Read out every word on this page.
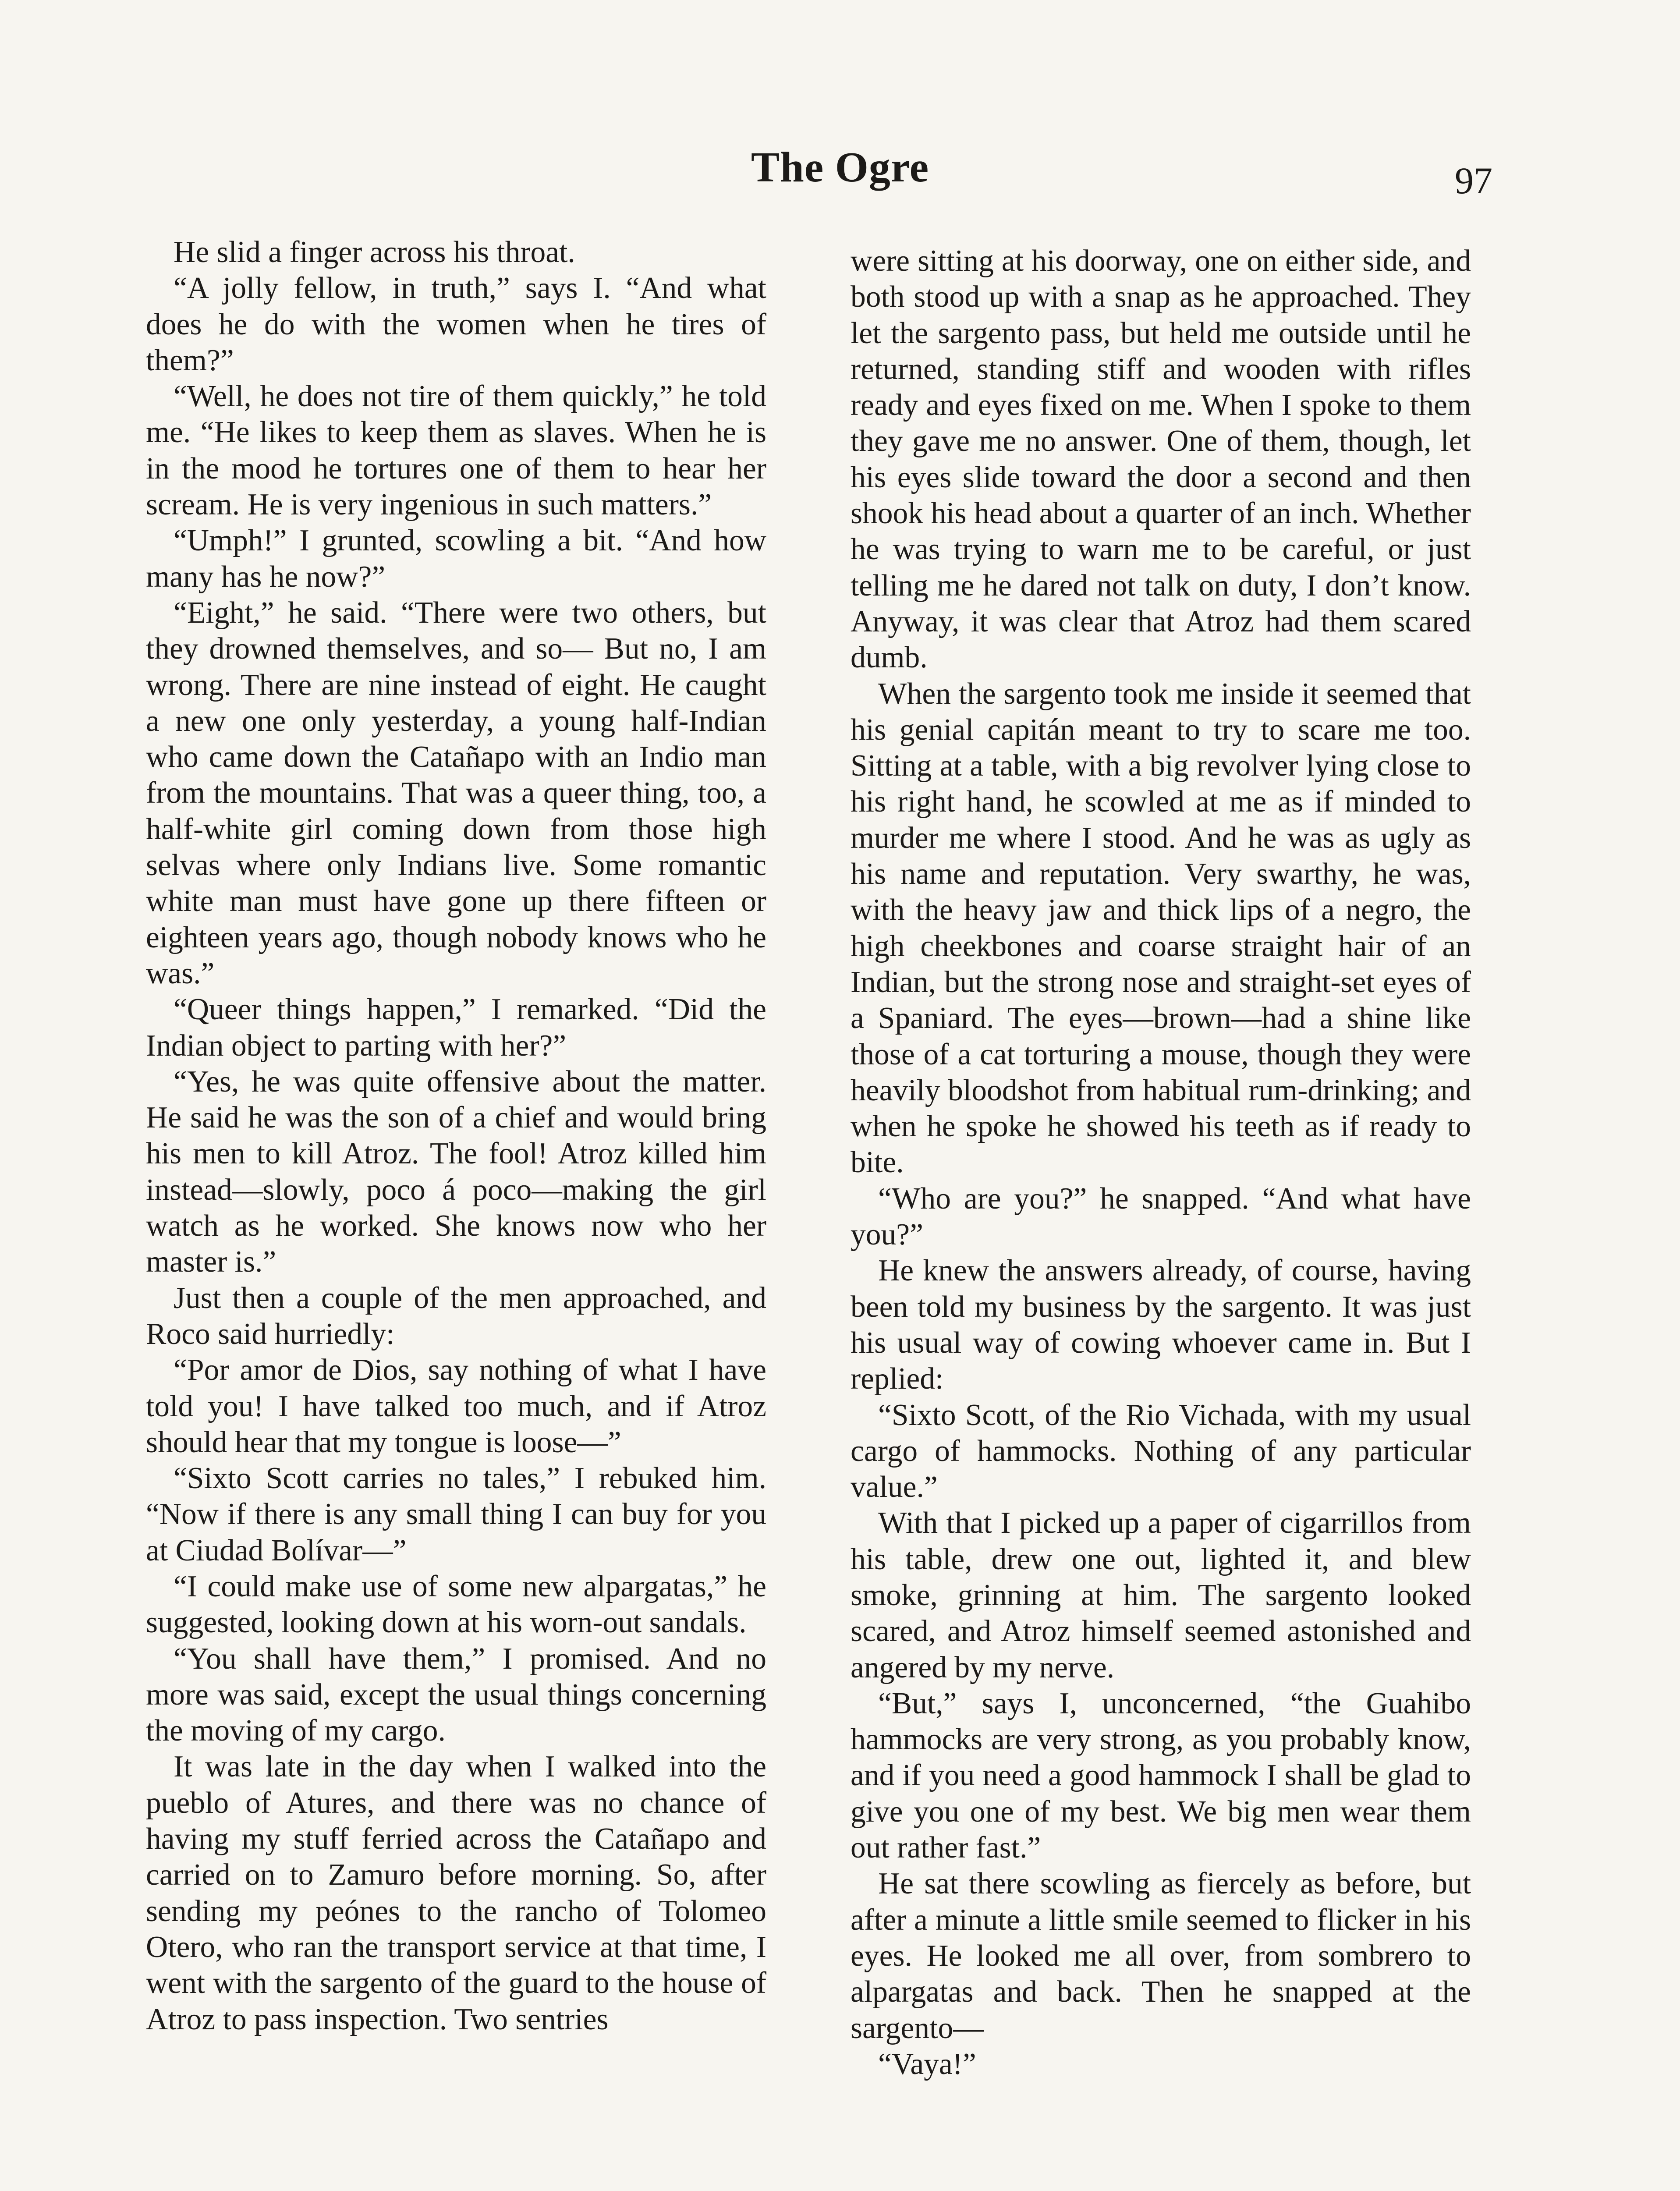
The Ogre	97

He slid a finger across his throat.

“A jolly fellow, in truth,” says I. “And what does he do with the women when he tires of them?”

“Well, he does not tire of them quickly,” he told me. “He likes to keep them as slaves. When he is in the mood he tortures one of them to hear her scream. He is very ingenious in such matters.”

“Umph!” I grunted, scowling a bit. “And how many has he now?”

“Eight,” he said. “There were two others, but they drowned themselves, and so— But no, I am wrong. There are nine instead of eight. He caught a new one only yesterday, a young half-Indian who came down the Catañapo with an Indio man from the mountains. That was a queer thing, too, a half-white girl coming down from those high selvas where only Indians live. Some romantic white man must have gone up there fifteen or eighteen years ago, though nobody knows who he was.”

“Queer things happen,” I remarked. “Did the Indian object to parting with her?”

“Yes, he was quite offensive about the matter. He said he was the son of a chief and would bring his men to kill Atroz. The fool! Atroz killed him instead—slowly, poco á poco—making the girl watch as he worked. She knows now who her master is.”

Just then a couple of the men approached, and Roco said hurriedly:

“Por amor de Dios, say nothing of what I have told you! I have talked too much, and if Atroz should hear that my tongue is loose—”

“Sixto Scott carries no tales,” I rebuked him. “Now if there is any small thing I can buy for you at Ciudad Bolívar—”

“I could make use of some new alpargatas,” he suggested, looking down at his worn-out sandals.

“You shall have them,” I promised. And no more was said, except the usual things concerning the moving of my cargo.

It was late in the day when I walked into the pueblo of Atures, and there was no chance of having my stuff ferried across the Catañapo and carried on to Zamuro before morning. So, after sending my peónes to the rancho of Tolomeo Otero, who ran the transport service at that time, I went with the sargento of the guard to the house of Atroz to pass inspection. Two sentries

were sitting at his doorway, one on either side, and both stood up with a snap as he approached. They let the sargento pass, but held me outside until he returned, standing stiff and wooden with rifles ready and eyes fixed on me. When I spoke to them they gave me no answer. One of them, though, let his eyes slide toward the door a second and then shook his head about a quarter of an inch. Whether he was trying to warn me to be careful, or just telling me he dared not talk on duty, I don’t know. Anyway, it was clear that Atroz had them scared dumb.

When the sargento took me inside it seemed that his genial capitán meant to try to scare me too. Sitting at a table, with a big revolver lying close to his right hand, he scowled at me as if minded to murder me where I stood. And he was as ugly as his name and reputation. Very swarthy, he was, with the heavy jaw and thick lips of a negro, the high cheekbones and coarse straight hair of an Indian, but the strong nose and straight-set eyes of a Spaniard. The eyes—brown—had a shine like those of a cat torturing a mouse, though they were heavily bloodshot from habitual rum-drinking; and when he spoke he showed his teeth as if ready to bite.

“Who are you?” he snapped. “And what have you?”

He knew the answers already, of course, having been told my business by the sargento. It was just his usual way of cowing whoever came in. But I replied:

“Sixto Scott, of the Rio Vichada, with my usual cargo of hammocks. Nothing of any particular value.”

With that I picked up a paper of cigarrillos from his table, drew one out, lighted it, and blew smoke, grinning at him. The sargento looked scared, and Atroz himself seemed astonished and angered by my nerve.

“But,” says I, unconcerned, “the Guahibo hammocks are very strong, as you probably know, and if you need a good hammock I shall be glad to give you one of my best. We big men wear them out rather fast.”

He sat there scowling as fiercely as before, but after a minute a little smile seemed to flicker in his eyes. He looked me all over, from sombrero to alpargatas and back. Then he snapped at the sargento—

“Vaya!”
